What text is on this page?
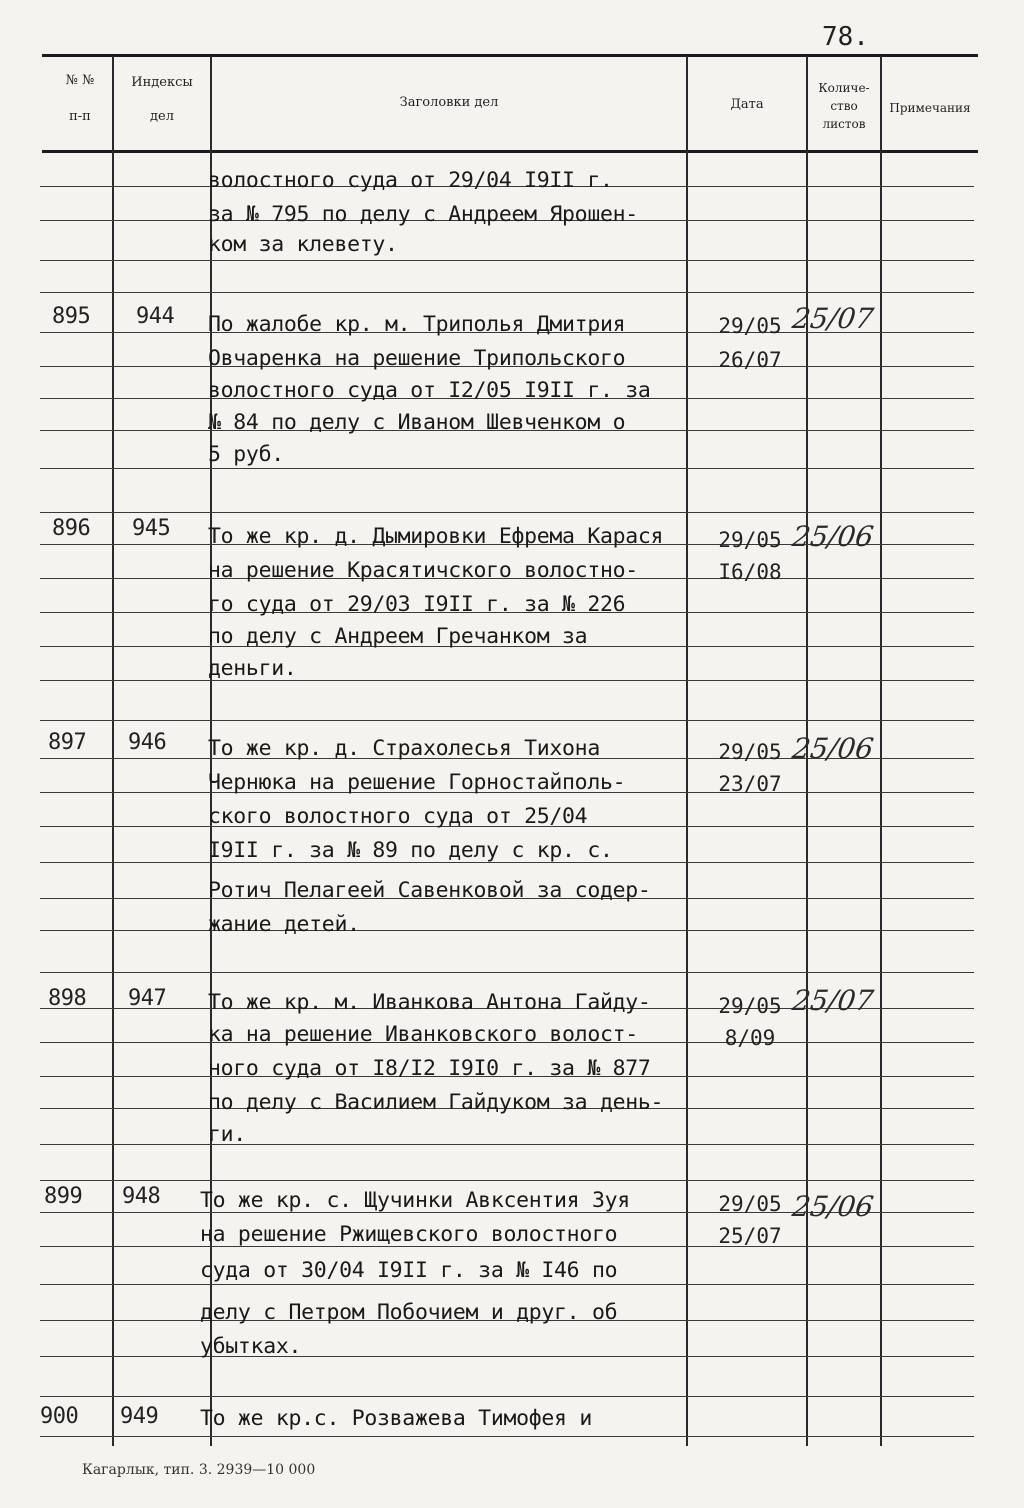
78.
№ №
п-п
Индексы
дел
Заголовки дел	Дата
Количе-
ство
листов
Примечания
волостного суда от 29/04 I9II г.
за № 795 по делу с Андреем Ярошен-
ком за клевету.
895 944 По жалобе кр. м. Триполья Дмитрия
Овчаренка на решение Трипольского
волостного суда от I2/05 I9II г. за
№ 84 по делу с Иваном Шевченком о
5 руб.
29/05
26/07
25/07
896 945 То же кр. д. Дымировки Ефрема Карася
на решение Красятичского волостно-
го суда от 29/03 I9II г. за № 226
по делу с Андреем Гречанком за
деньги.
29/05
I6/08
25/06
897 946 То же кр. д. Страхолесья Тихона
Чернюка на решение Горностайполь-
ского волостного суда от 25/04
I9II г. за № 89 по делу с кр. с.
Ротич Пелагеей Савенковой за содер-
жание детей.
29/05
23/07
25/06
898 947 То же кр. м. Иванкова Антона Гайду-
ка на решение Иванковского волост-
ного суда от I8/I2 I9I0 г. за № 877
по делу с Василием Гайдуком за день-
ги.
29/05
8/09
25/07
899 948 То же кр. с. Щучинки Авксентия Зуя
на решение Ржищевского волостного
суда от 30/04 I9II г. за № I46 по
делу с Петром Побочием и друг. об
убытках.
29/05
25/07
25/06
900 949 То же кр.с. Розважева Тимофея и
Кагарлык, тип. 3. 2939—10 000
